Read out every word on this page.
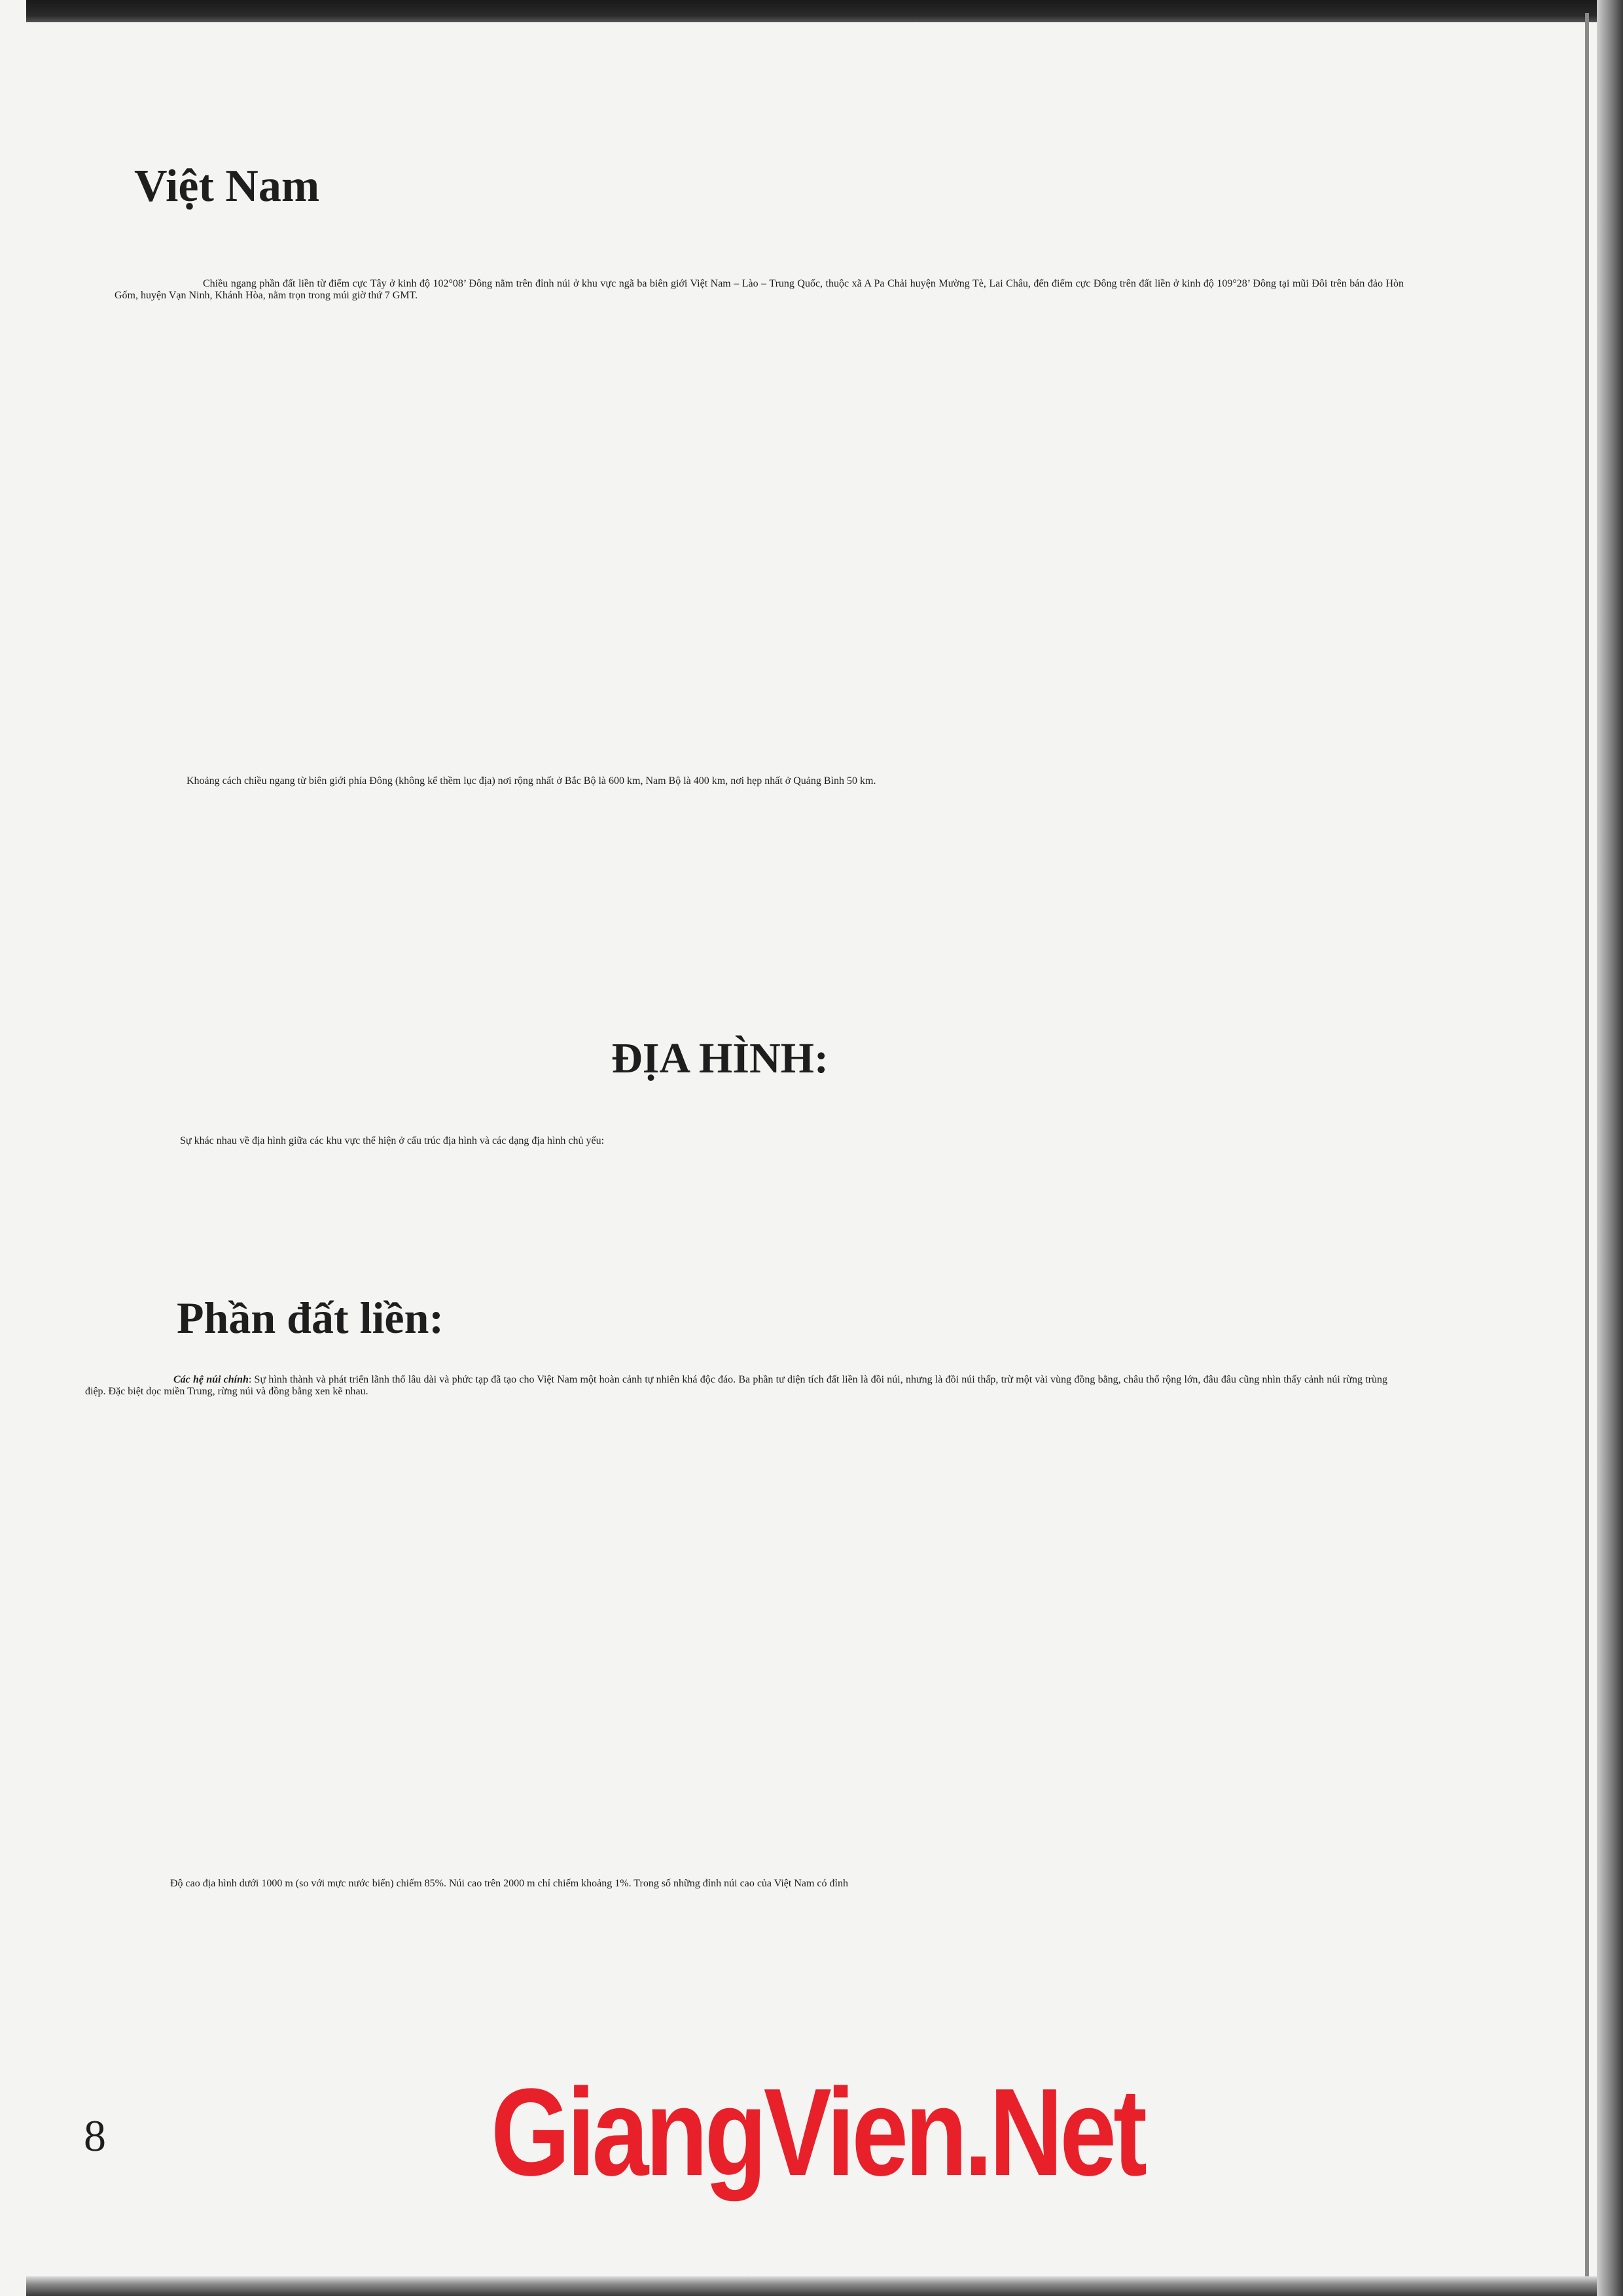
Việt Nam

Chiều ngang phần đất liền từ điểm cực Tây ở kinh độ 102°08’ Đông nằm trên đỉnh núi ở khu vực ngã ba biên giới Việt Nam – Lào – Trung Quốc, thuộc xã A Pa Chải huyện Mường Tè, Lai Châu, đến điểm cực Đông trên đất liền ở kinh độ 109°28’ Đông tại mũi Đôi trên bán đảo Hòn Gốm, huyện Vạn Ninh, Khánh Hòa, nằm trọn trong múi giờ thứ 7 GMT.

Khoảng cách chiều ngang từ biên giới phía Đông (không kể thềm lục địa) nơi rộng nhất ở Bắc Bộ là 600 km, Nam Bộ là 400 km, nơi hẹp nhất ở Quảng Bình 50 km.

ĐỊA HÌNH:

Sự khác nhau về địa hình giữa các khu vực thể hiện ở cấu trúc địa hình và các dạng địa hình chủ yếu:

Phần đất liền:

Các hệ núi chính: Sự hình thành và phát triển lãnh thổ lâu dài và phức tạp đã tạo cho Việt Nam một hoàn cảnh tự nhiên khá độc đáo. Ba phần tư diện tích đất liền là đồi núi, nhưng là đồi núi thấp, trừ một vài vùng đồng bằng, châu thổ rộng lớn, đâu đâu cũng nhìn thấy cảnh núi rừng trùng điệp. Đặc biệt dọc miền Trung, rừng núi và đồng bằng xen kẽ nhau.

Độ cao địa hình dưới 1000 m (so với mực nước biển) chiếm 85%. Núi cao trên 2000 m chỉ chiếm khoảng 1%. Trong số những đỉnh núi cao của Việt Nam có đỉnh

8	GiangVien.Net
